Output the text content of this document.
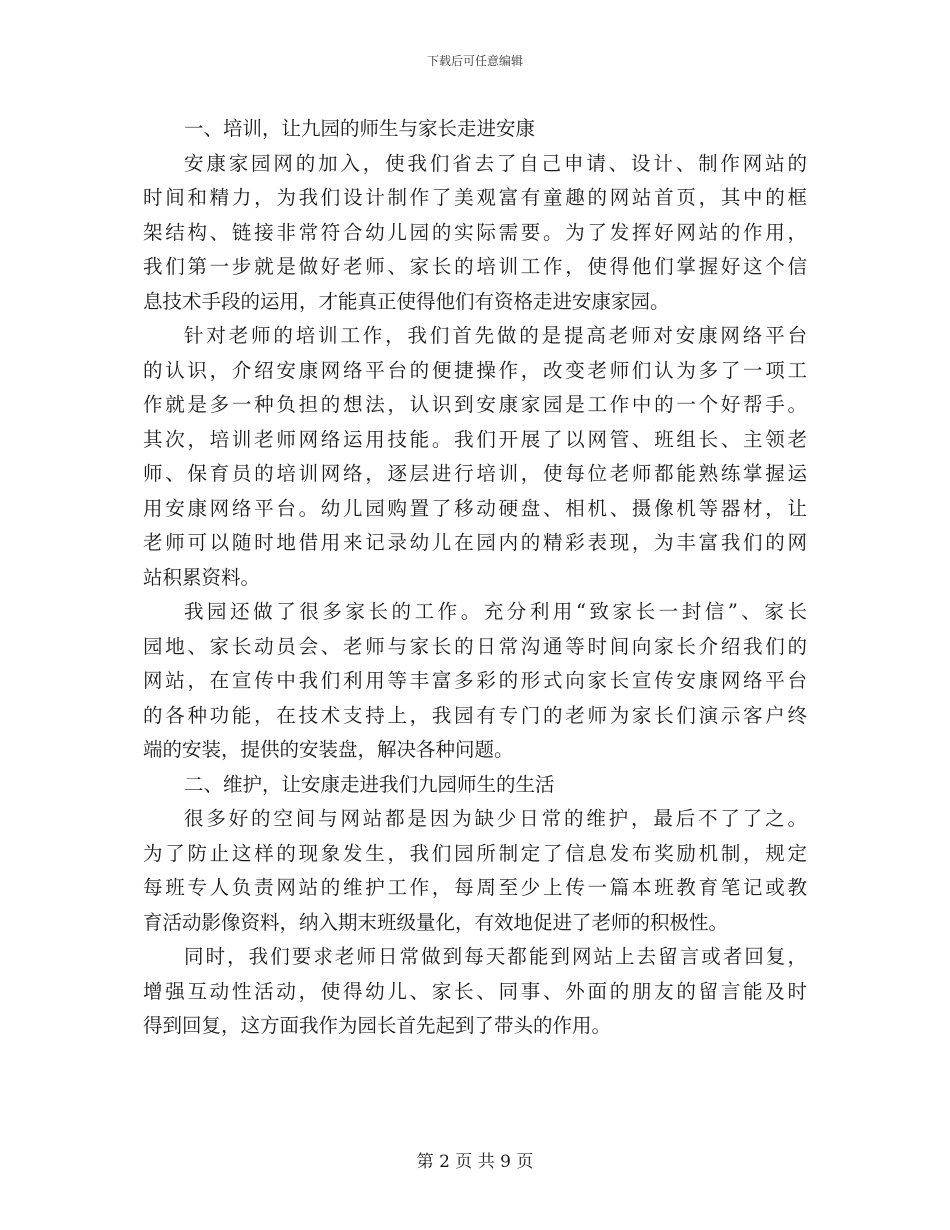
下载后可任意编辑
一、培训，让九园的师生与家长走进安康
安康家园网的加入，使我们省去了自己申请、设计、制作网站的
时间和精力，为我们设计制作了美观富有童趣的网站首页，其中的框
架结构、链接非常符合幼儿园的实际需要。为了发挥好网站的作用，
我们第一步就是做好老师、家长的培训工作，使得他们掌握好这个信
息技术手段的运用，才能真正使得他们有资格走进安康家园。
针对老师的培训工作，我们首先做的是提高老师对安康网络平台
的认识，介绍安康网络平台的便捷操作，改变老师们认为多了一项工
作就是多一种负担的想法，认识到安康家园是工作中的一个好帮手。
其次，培训老师网络运用技能。我们开展了以网管、班组长、主领老
师、保育员的培训网络，逐层进行培训，使每位老师都能熟练掌握运
用安康网络平台。幼儿园购置了移动硬盘、相机、摄像机等器材，让
老师可以随时地借用来记录幼儿在园内的精彩表现，为丰富我们的网
站积累资料。
我园还做了很多家长的工作。充分利用“致家长一封信”、家长
园地、家长动员会、老师与家长的日常沟通等时间向家长介绍我们的
网站，在宣传中我们利用等丰富多彩的形式向家长宣传安康网络平台
的各种功能，在技术支持上，我园有专门的老师为家长们演示客户终
端的安装，提供的安装盘，解决各种问题。
二、维护，让安康走进我们九园师生的生活
很多好的空间与网站都是因为缺少日常的维护，最后不了了之。
为了防止这样的现象发生，我们园所制定了信息发布奖励机制，规定
每班专人负责网站的维护工作，每周至少上传一篇本班教育笔记或教
育活动影像资料，纳入期末班级量化，有效地促进了老师的积极性。
同时，我们要求老师日常做到每天都能到网站上去留言或者回复，
增强互动性活动，使得幼儿、家长、同事、外面的朋友的留言能及时
得到回复，这方面我作为园长首先起到了带头的作用。
第 2 页 共 9 页
